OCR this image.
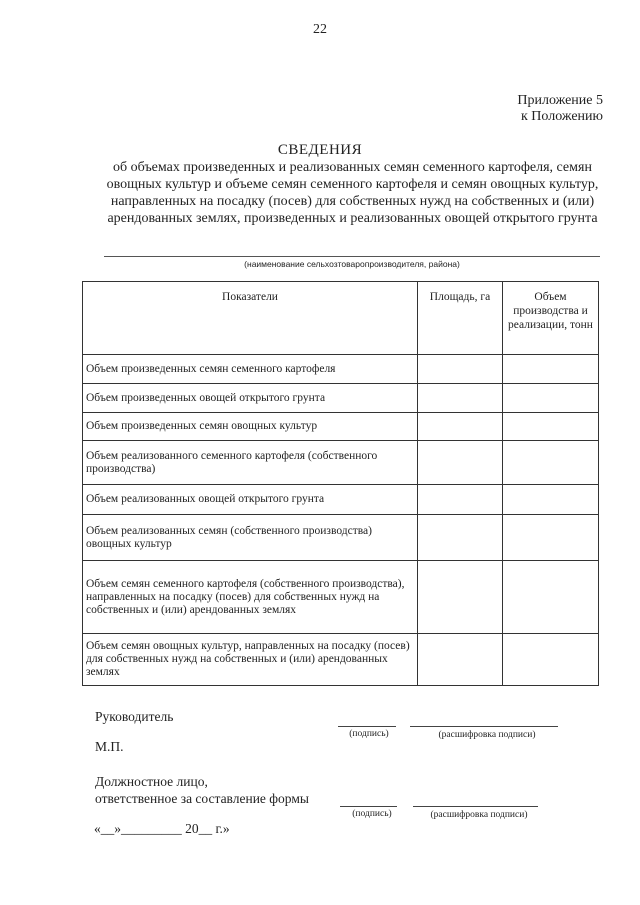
22
Приложение 5
к Положению
СВЕДЕНИЯ
об объемах произведенных и реализованных семян семенного картофеля, семян овощных культур и объеме семян семенного картофеля и семян овощных культур, направленных на посадку (посев) для собственных нужд на собственных и (или) арендованных землях, произведенных и реализованных овощей открытого грунта
(наименование сельхозтоваропроизводителя, района)
Показатели	Площадь, га	Объем производства и реализации, тонн
Объем произведенных семян семенного картофеля		
Объем произведенных овощей открытого грунта		
Объем произведенных семян овощных культур		
Объем реализованного семенного картофеля (собственного производства)		
Объем реализованных овощей открытого грунта		
Объем реализованных семян (собственного производства) овощных культур		
Объем семян семенного картофеля (собственного производства), направленных на посадку (посев) для собственных нужд на собственных и (или) арендованных землях		
Объем семян овощных культур, направленных на посадку (посев) для собственных нужд на собственных и (или) арендованных землях		
Руководитель
(подпись)	(расшифровка подписи)
М.П.
Должностное лицо,
ответственное за составление формы
(подпись)	(расшифровка подписи)
«__»_________ 20__ г.»
